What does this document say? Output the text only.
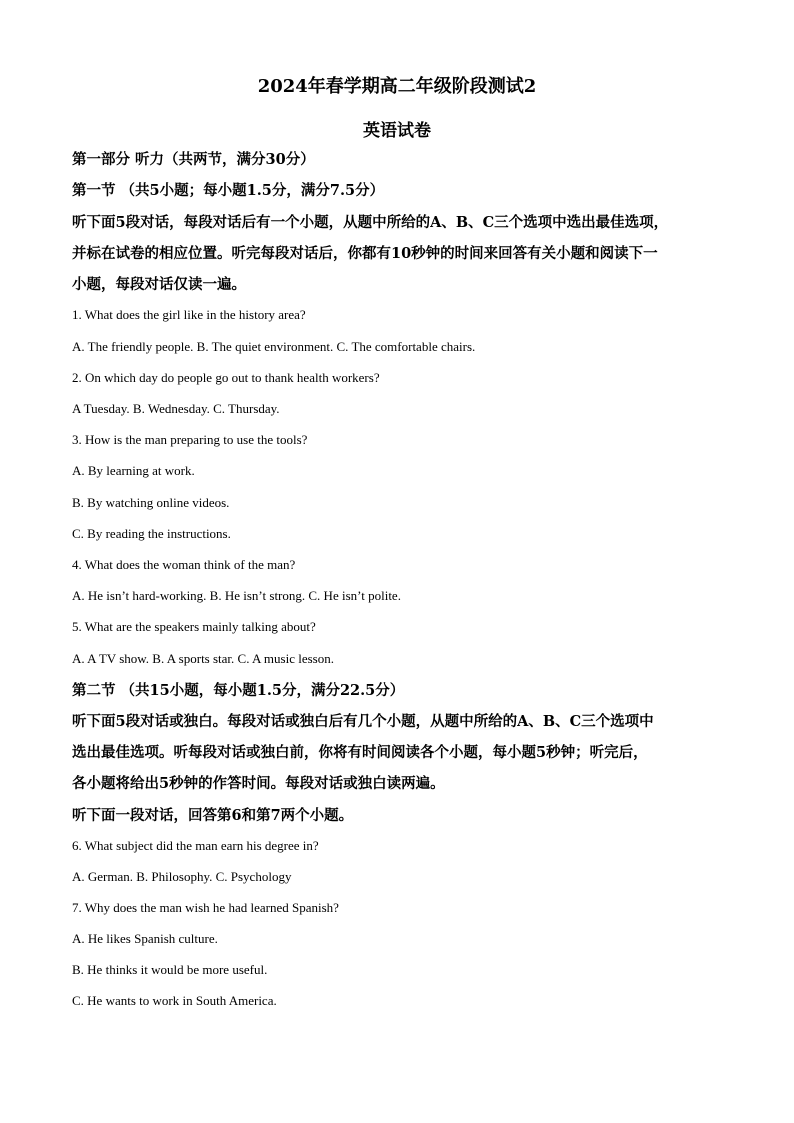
2024年春学期高二年级阶段测试2
英语试卷
第一部分 听力（共两节，满分30分）
第一节 （共5小题；每小题1.5分，满分7.5分）
听下面5段对话，每段对话后有一个小题，从题中所给的A、B、C三个选项中选出最佳选项，
并标在试卷的相应位置。听完每段对话后，你都有10秒钟的时间来回答有关小题和阅读下一
小题，每段对话仅读一遍。
1. What does the girl like in the history area?
A. The friendly people. B. The quiet environment. C. The comfortable chairs.
2. On which day do people go out to thank health workers?
A Tuesday. B. Wednesday. C. Thursday.
3. How is the man preparing to use the tools?
A. By learning at work.
B. By watching online videos.
C. By reading the instructions.
4. What does the woman think of the man?
A. He isn’t hard-working. B. He isn’t strong. C. He isn’t polite.
5. What are the speakers mainly talking about?
A. A TV show. B. A sports star. C. A music lesson.
第二节 （共15小题，每小题1.5分，满分22.5分）
听下面5段对话或独白。每段对话或独白后有几个小题，从题中所给的A、B、C三个选项中
选出最佳选项。听每段对话或独白前，你将有时间阅读各个小题，每小题5秒钟；听完后，
各小题将给出5秒钟的作答时间。每段对话或独白读两遍。
听下面一段对话，回答第6和第7两个小题。
6. What subject did the man earn his degree in?
A. German. B. Philosophy. C. Psychology
7. Why does the man wish he had learned Spanish?
A. He likes Spanish culture.
B. He thinks it would be more useful.
C. He wants to work in South America.
